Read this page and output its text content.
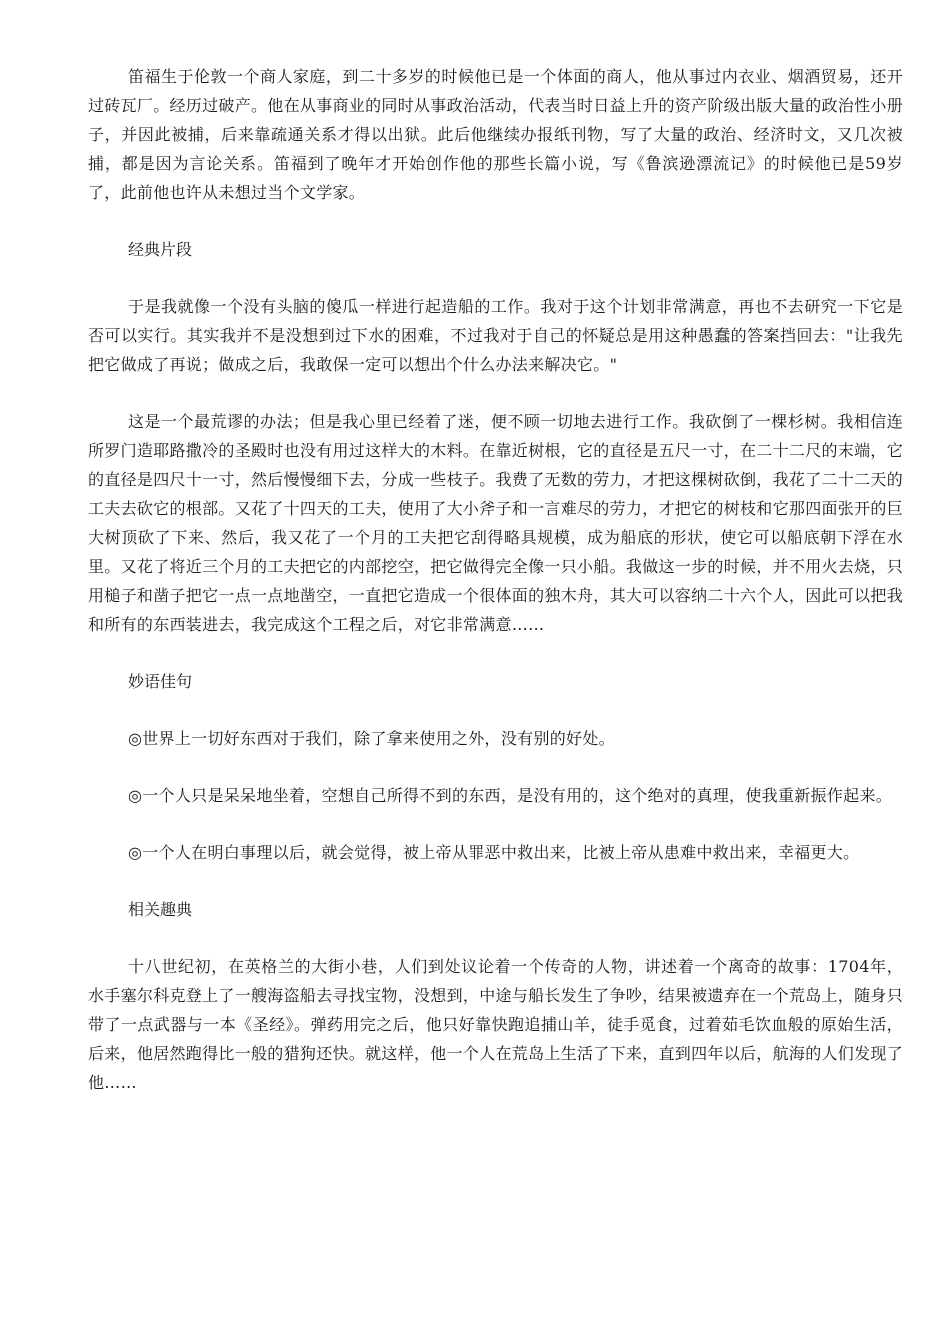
笛福生于伦敦一个商人家庭，到二十多岁的时候他已是一个体面的商人，他从事过内衣业、烟酒贸易，还开过砖瓦厂。经历过破产。他在从事商业的同时从事政治活动，代表当时日益上升的资产阶级出版大量的政治性小册子，并因此被捕，后来靠疏通关系才得以出狱。此后他继续办报纸刊物，写了大量的政治、经济时文，又几次被捕，都是因为言论关系。笛福到了晚年才开始创作他的那些长篇小说，写《鲁滨逊漂流记》的时候他已是59岁了，此前他也许从未想过当个文学家。

经典片段

于是我就像一个没有头脑的傻瓜一样进行起造船的工作。我对于这个计划非常满意，再也不去研究一下它是否可以实行。其实我并不是没想到过下水的困难，不过我对于自己的怀疑总是用这种愚蠢的答案挡回去："让我先把它做成了再说；做成之后，我敢保一定可以想出个什么办法来解决它。"

这是一个最荒谬的办法；但是我心里已经着了迷，便不顾一切地去进行工作。我砍倒了一棵杉树。我相信连所罗门造耶路撒冷的圣殿时也没有用过这样大的木料。在靠近树根，它的直径是五尺一寸，在二十二尺的末端，它的直径是四尺十一寸，然后慢慢细下去，分成一些枝子。我费了无数的劳力，才把这棵树砍倒，我花了二十二天的工夫去砍它的根部。又花了十四天的工夫，使用了大小斧子和一言难尽的劳力，才把它的树枝和它那四面张开的巨大树顶砍了下来、然后，我又花了一个月的工夫把它刮得略具规模，成为船底的形状，使它可以船底朝下浮在水里。又花了将近三个月的工夫把它的内部挖空，把它做得完全像一只小船。我做这一步的时候，并不用火去烧，只用槌子和凿子把它一点一点地凿空，一直把它造成一个很体面的独木舟，其大可以容纳二十六个人，因此可以把我和所有的东西装进去，我完成这个工程之后，对它非常满意……

妙语佳句

◎世界上一切好东西对于我们，除了拿来使用之外，没有别的好处。

◎一个人只是呆呆地坐着，空想自己所得不到的东西，是没有用的，这个绝对的真理，使我重新振作起来。

◎一个人在明白事理以后，就会觉得，被上帝从罪恶中救出来，比被上帝从患难中救出来，幸福更大。

相关趣典

十八世纪初，在英格兰的大街小巷，人们到处议论着一个传奇的人物，讲述着一个离奇的故事：1704年，水手塞尔科克登上了一艘海盗船去寻找宝物，没想到，中途与船长发生了争吵，结果被遗弃在一个荒岛上，随身只带了一点武器与一本《圣经》。弹药用完之后，他只好靠快跑追捕山羊，徒手觅食，过着茹毛饮血般的原始生活，后来，他居然跑得比一般的猎狗还快。就这样，他一个人在荒岛上生活了下来，直到四年以后，航海的人们发现了他……
